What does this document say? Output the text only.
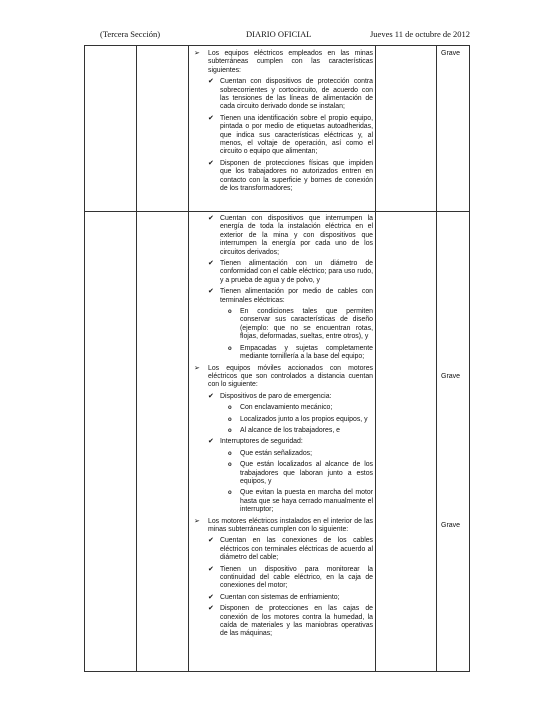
(Tercera Sección)	DIARIO OFICIAL	Jueves 11 de octubre de 2012
➢ Los equipos eléctricos empleados en las minas subterráneas cumplen con las características siguientes:
✔ Cuentan con dispositivos de protección contra sobrecorrientes y cortocircuito, de acuerdo con las tensiones de las líneas de alimentación de cada circuito derivado donde se instalan;
✔ Tienen una identificación sobre el propio equipo, pintada o por medio de etiquetas autoadheridas, que indica sus características eléctricas y, al menos, el voltaje de operación, así como el circuito o equipo que alimentan;
✔ Disponen de protecciones físicas que impiden que los trabajadores no autorizados entren en contacto con la superficie y bornes de conexión de los transformadores;
✔ Cuentan con dispositivos que interrumpen la energía de toda la instalación eléctrica en el exterior de la mina y con dispositivos que interrumpen la energía por cada uno de los circuitos derivados;
✔ Tienen alimentación con un diámetro de conformidad con el cable eléctrico; para uso rudo, y a prueba de agua y de polvo, y
✔ Tienen alimentación por medio de cables con terminales eléctricas:
o En condiciones tales que permiten conservar sus características de diseño (ejemplo: que no se encuentran rotas, flojas, deformadas, sueltas, entre otros), y
o Empacadas y sujetas completamente mediante tornillería a la base del equipo;
➢ Los equipos móviles accionados con motores eléctricos que son controlados a distancia cuentan con lo siguiente:
✔ Dispositivos de paro de emergencia:
o Con enclavamiento mecánico;
o Localizados junto a los propios equipos, y
o Al alcance de los trabajadores, e
✔ Interruptores de seguridad:
o Que están señalizados;
o Que están localizados al alcance de los trabajadores que laboran junto a estos equipos, y
o Que evitan la puesta en marcha del motor hasta que se haya cerrado manualmente el interruptor;
➢ Los motores eléctricos instalados en el interior de las minas subterráneas cumplen con lo siguiente:
✔ Cuentan en las conexiones de los cables eléctricos con terminales eléctricas de acuerdo al diámetro del cable;
✔ Tienen un dispositivo para monitorear la continuidad del cable eléctrico, en la caja de conexiones del motor;
✔ Cuentan con sistemas de enfriamiento;
✔ Disponen de protecciones en las cajas de conexión de los motores contra la humedad, la caída de materiales y las maniobras operativas de las máquinas;
Grave
Grave
Grave
